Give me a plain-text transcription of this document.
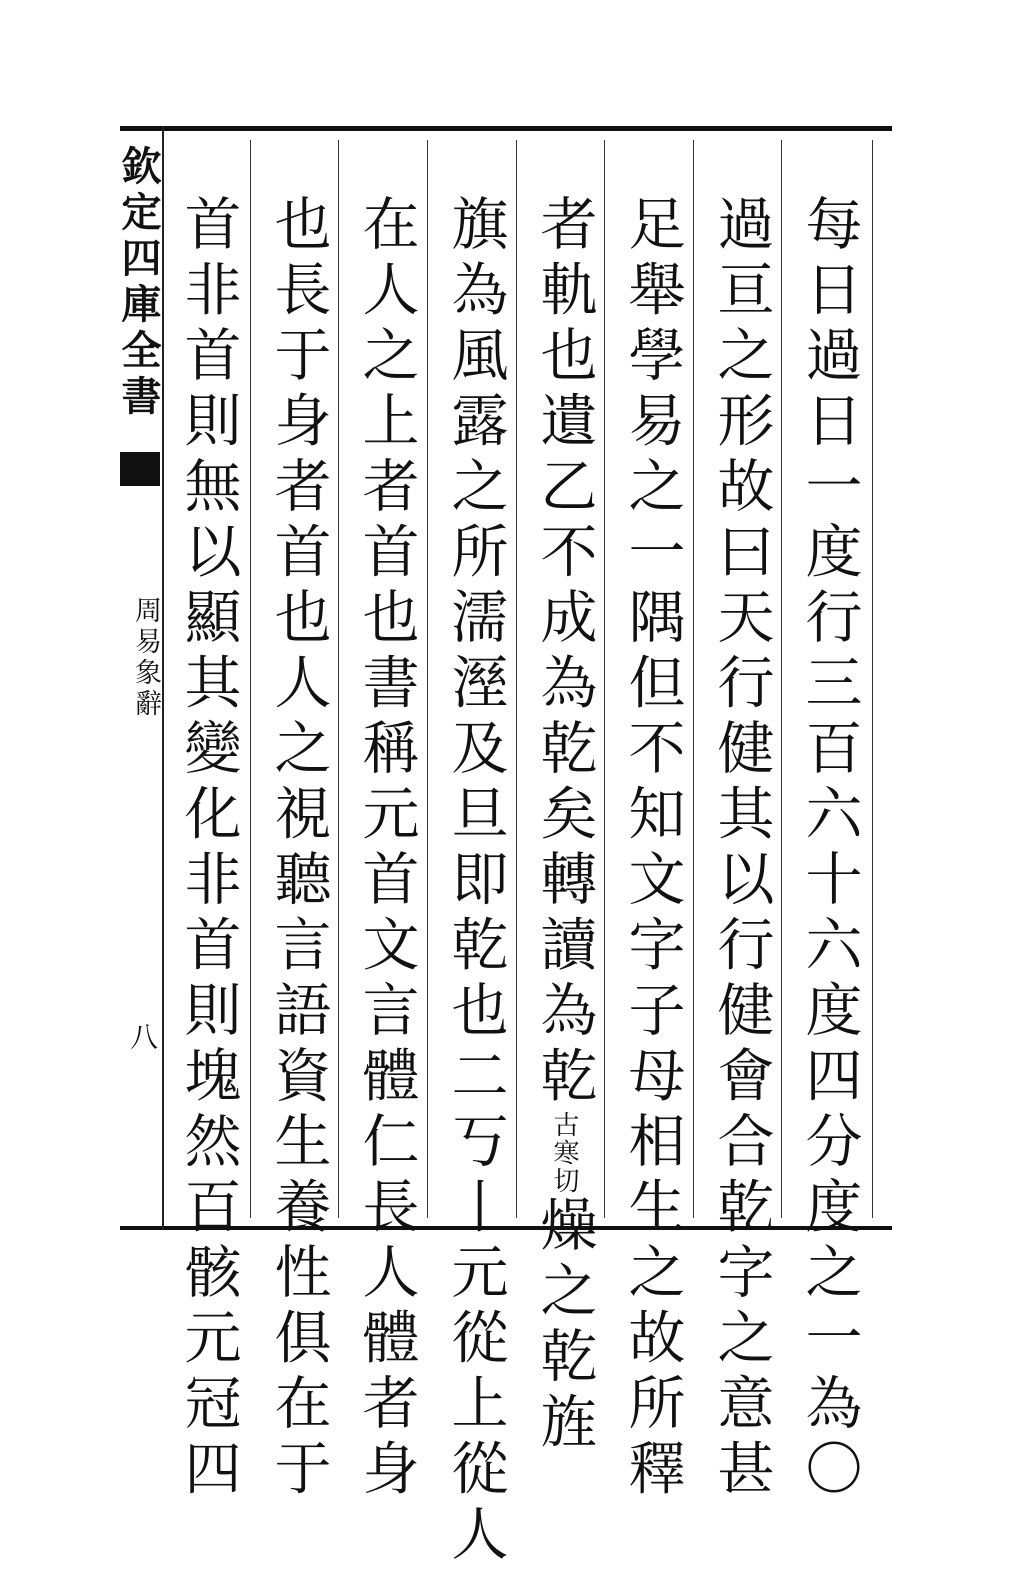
欽定四庫全書
周易象辭
八	每日過日一度行三百六十六度四分度之一為〇
過亘之形故曰天行健其以行健會合乾字之意甚
足舉學易之一隅但不知文字子母相生之故所釋
者軌也遺乙不成為乾矣轉讀為乾古寒切燥之乾旌
旗為風露之所濡溼及旦即乾也二丂丨元從上從人
在人之上者首也書稱元首文言體仁長人體者身
也長于身者首也人之視聽言語資生養性俱在于
首非首則無以顯其變化非首則塊然百骸元冠四
